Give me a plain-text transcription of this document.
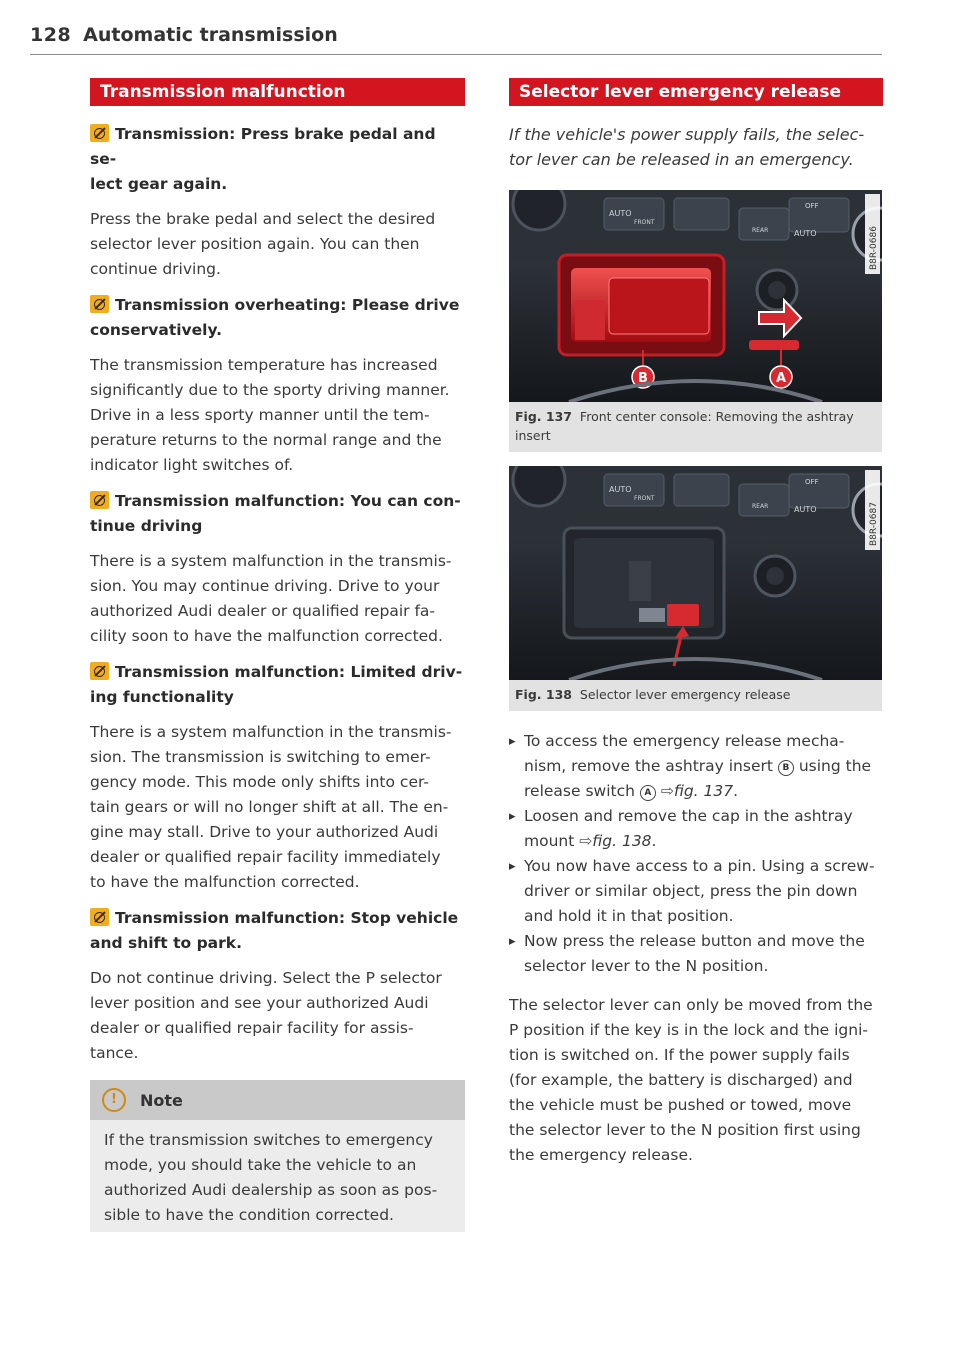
128 Automatic transmission
Transmission malfunction

Transmission: Press brake pedal and se-
lect gear again.

Press the brake pedal and select the desired
selector lever position again. You can then
continue driving.

Transmission overheating: Please drive
conservatively.

The transmission temperature has increased
significantly due to the sporty driving manner.
Drive in a less sporty manner until the tem-
perature returns to the normal range and the
indicator light switches of.

Transmission malfunction: You can con-
tinue driving

There is a system malfunction in the transmis-
sion. You may continue driving. Drive to your
authorized Audi dealer or qualified repair fa-
cility soon to have the malfunction corrected.

Transmission malfunction: Limited driv-
ing functionality

There is a system malfunction in the transmis-
sion. The transmission is switching to emer-
gency mode. This mode only shifts into cer-
tain gears or will no longer shift at all. The en-
gine may stall. Drive to your authorized Audi
dealer or qualified repair facility immediately
to have the malfunction corrected.

Transmission malfunction: Stop vehicle
and shift to park.

Do not continue driving. Select the P selector
lever position and see your authorized Audi
dealer or qualified repair facility for assis-
tance.

!	Note
If the transmission switches to emergency
mode, you should take the vehicle to an
authorized Audi dealership as soon as pos-
sible to have the condition corrected.
Selector lever emergency release

If the vehicle's power supply fails, the selec-
tor lever can be released in an emergency.

AUTO
FRONT
REAR
OFF
AUTO
B	A
B8R-0686
Fig. 137 Front center console: Removing the ashtray
insert
AUTO
FRONT
REAR
OFF
AUTO	B8R-0687
Fig. 138 Selector lever emergency release
▸ To access the emergency release mecha-
nism, remove the ashtray insert B using the
release switch A ⇨fig. 137.
▸ Loosen and remove the cap in the ashtray
mount ⇨fig. 138.
▸ You now have access to a pin. Using a screw-
driver or similar object, press the pin down
and hold it in that position.
▸ Now press the release button and move the
selector lever to the N position.

The selector lever can only be moved from the
P position if the key is in the lock and the igni-
tion is switched on. If the power supply fails
(for example, the battery is discharged) and
the vehicle must be pushed or towed, move
the selector lever to the N position first using
the emergency release.
